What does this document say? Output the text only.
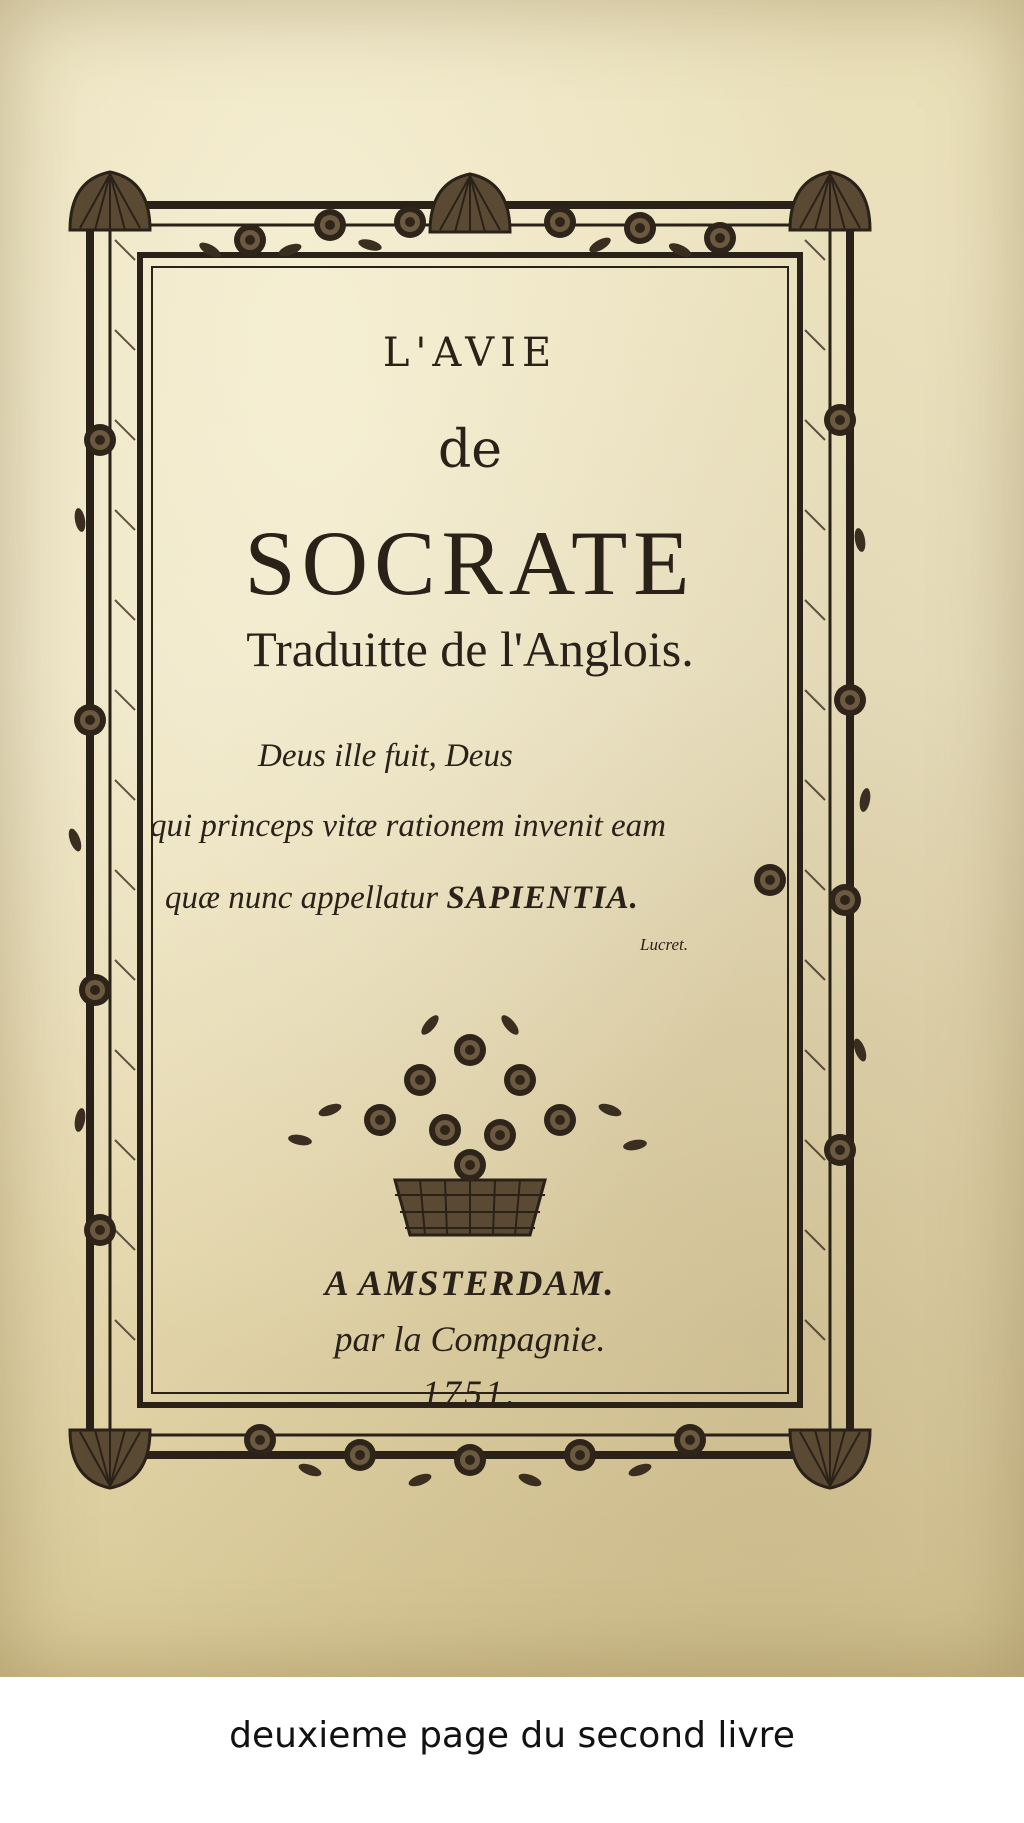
L'AVIE
de
SOCRATE
Traduitte de l'Anglois.
Deus ille fuit, Deus
qui princeps vitæ rationem invenit eam
quæ nunc appellatur SAPIENTIA.
Lucret.
A AMSTERDAM.
par la Compagnie.
1751.
deuxieme page du second livre
